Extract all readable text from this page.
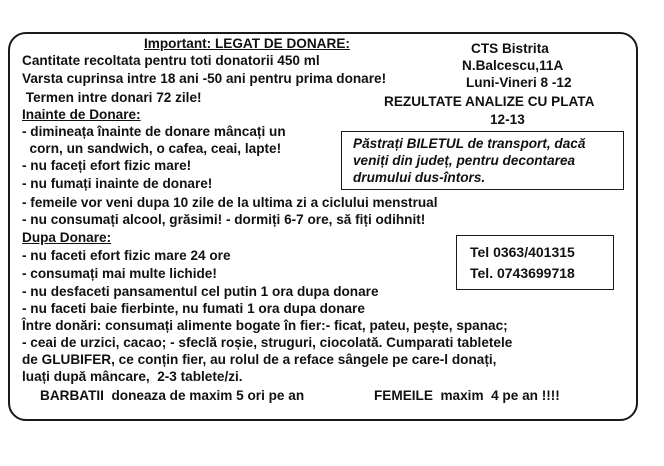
Important: LEGAT DE DONARE:	CTS Bistrita
N.Balcescu,11A
Luni-Vineri 8 -12
REZULTATE ANALIZE CU PLATA
12-13
Cantitate recoltata pentru toti donatorii 450 ml
Varsta cuprinsa intre 18 ani -50 ani pentru prima donare!
Termen intre donari 72 zile!
Inainte de Donare:
- dimineața înainte de donare mâncați un
corn, un sandwich, o cafea, ceai, lapte!
- nu faceți efort fizic mare!
- nu fumați inainte de donare!
- femeile vor veni dupa 10 zile de la ultima zi a ciclului menstrual
- nu consumați alcool, grăsimi! - dormiți 6-7 ore, să fiți odihnit!
Păstrați BILETUL de transport, dacă
veniți din județ, pentru decontarea
drumului dus-întors.
Tel 0363/401315
Tel. 0743699718
Dupa Donare:
- nu faceti efort fizic mare 24 ore
- consumați mai multe lichide!
- nu desfaceti pansamentul cel putin 1 ora dupa donare
- nu faceti baie fierbinte, nu fumati 1 ora dupa donare
Între donări: consumați alimente bogate în fier:- ficat, pateu, pește, spanac;
- ceai de urzici, cacao; - sfeclă roșie, struguri, ciocolată. Cumparati tabletele
de GLUBIFER, ce conțin fier, au rolul de a reface sângele pe care-l donați,
luați după mâncare,  2-3 tablete/zi.
BARBATII  doneaza de maxim 5 ori pe an	FEMEILE  maxim  4 pe an !!!!
